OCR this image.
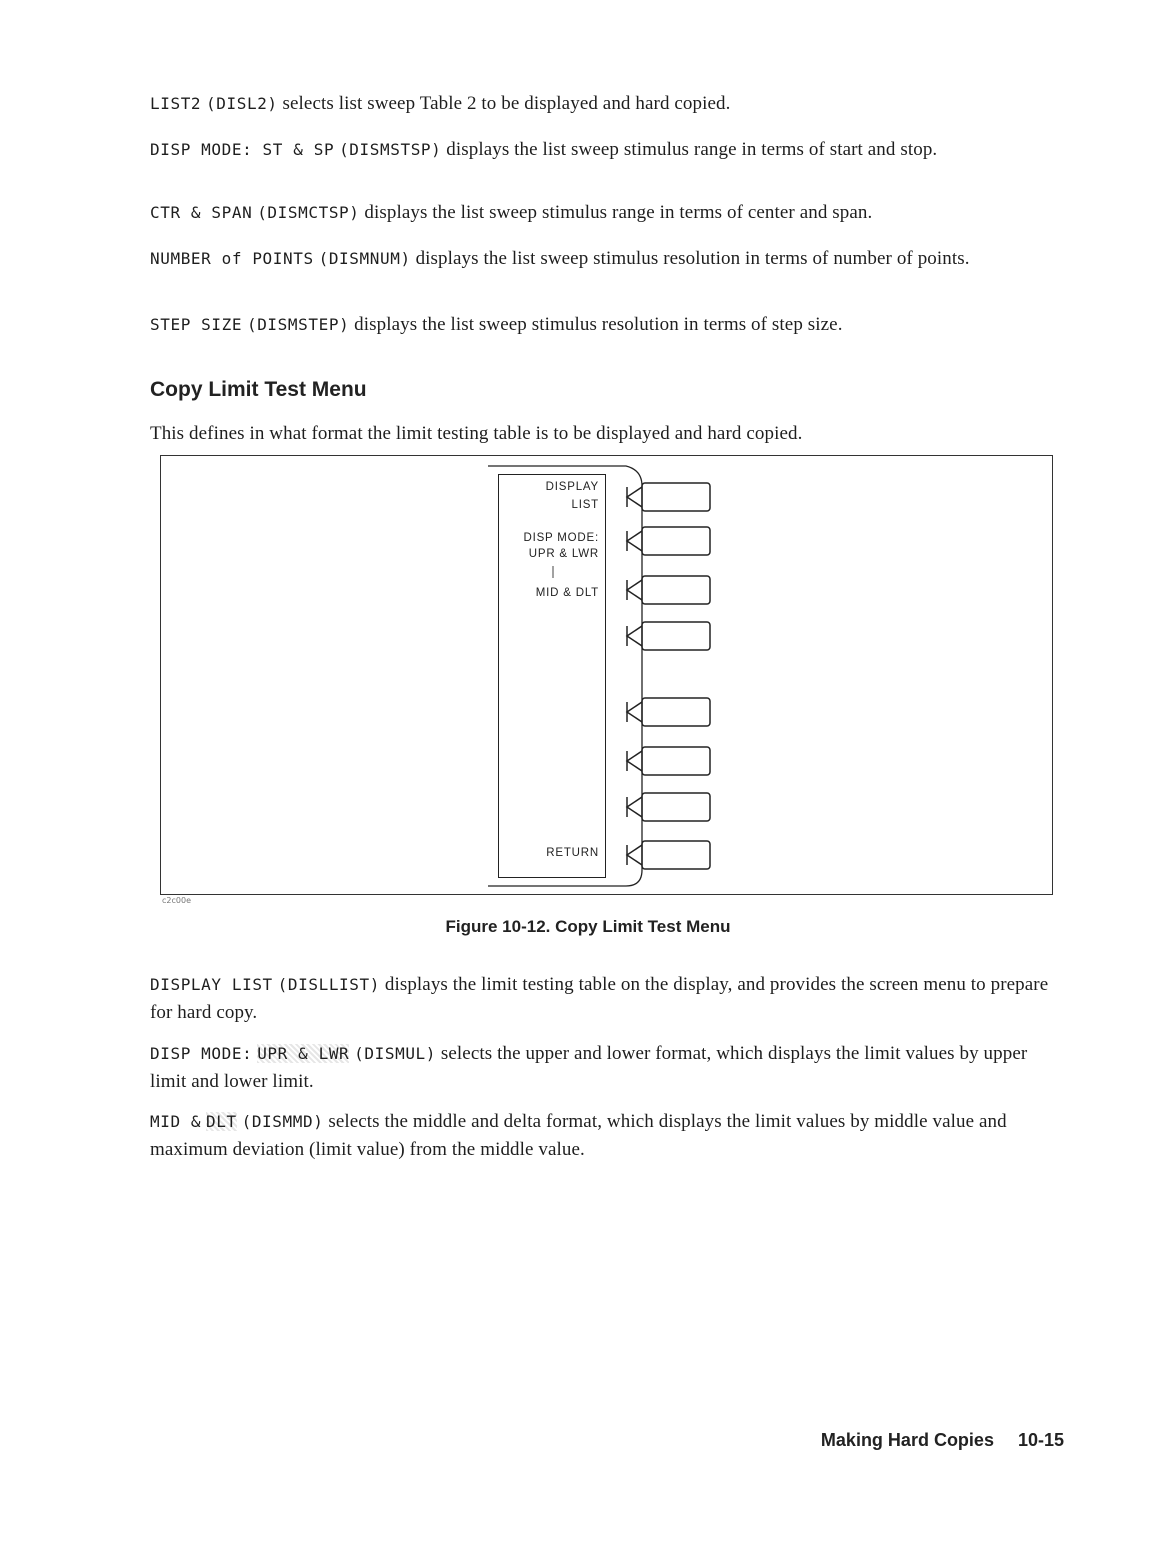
LIST2 (DISL2) selects list sweep Table 2 to be displayed and hard copied.

DISP MODE: ST & SP (DISMSTSP) displays the list sweep stimulus range in terms of start and stop.

CTR & SPAN (DISMCTSP) displays the list sweep stimulus range in terms of center and span.

NUMBER of POINTS (DISMNUM) displays the list sweep stimulus resolution in terms of number of points.

STEP SIZE (DISMSTEP) displays the list sweep stimulus resolution in terms of step size.

Copy Limit Test Menu

This defines in what format the limit testing table is to be displayed and hard copied.

DISPLAY
LIST
DISP MODE:
UPR & LWR
MID & DLT
RETURN
c2c00e
Figure 10-12. Copy Limit Test Menu

DISPLAY LIST (DISLLIST) displays the limit testing table on the display, and provides the screen menu to prepare for hard copy.

DISP MODE: UPR & LWR (DISMUL) selects the upper and lower format, which displays the limit values by upper limit and lower limit.

MID & DLT (DISMMD) selects the middle and delta format, which displays the limit values by middle value and maximum deviation (limit value) from the middle value.

Making Hard Copies 10-15
